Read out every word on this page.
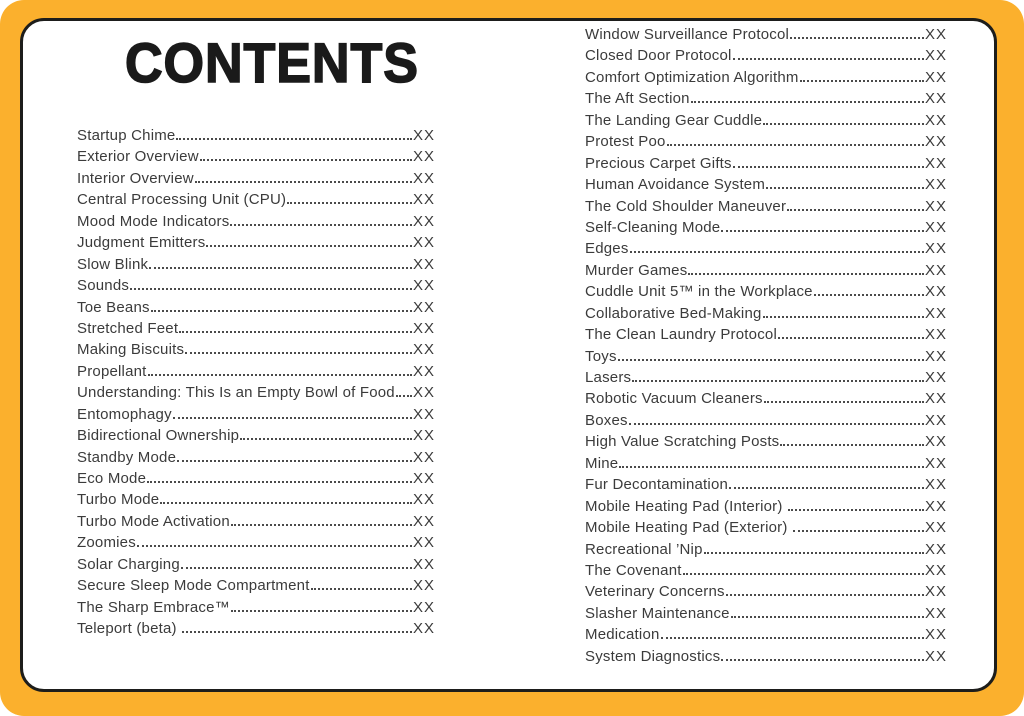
CONTENTS
Startup Chime	XX
Exterior Overview	XX
Interior Overview	XX
Central Processing Unit (CPU)	XX
Mood Mode Indicators	XX
Judgment Emitters	XX
Slow Blink	XX
Sounds	XX
Toe Beans	XX
Stretched Feet	XX
Making Biscuits	XX
Propellant	XX
Understanding: This Is an Empty Bowl of Food XX
Entomophagy	XX
Bidirectional Ownership	XX
Standby Mode	XX
Eco Mode	XX
Turbo Mode	XX
Turbo Mode Activation	XX
Zoomies	XX
Solar Charging	XX
Secure Sleep Mode Compartment	XX
The Sharp Embrace™	XX
Teleport (beta)	XX
Window Surveillance Protocol	XX
Closed Door Protocol	XX
Comfort Optimization Algorithm	XX
The Aft Section	XX
The Landing Gear Cuddle	XX
Protest Poo	XX
Precious Carpet Gifts	XX
Human Avoidance System	XX
The Cold Shoulder Maneuver	XX
Self-Cleaning Mode	XX
Edges	XX
Murder Games	XX
Cuddle Unit 5™ in the Workplace	XX
Collaborative Bed-Making	XX
The Clean Laundry Protocol	XX
Toys	XX
Lasers	XX
Robotic Vacuum Cleaners	XX
Boxes	XX
High Value Scratching Posts	XX
Mine	XX
Fur Decontamination	XX
Mobile Heating Pad (Interior)	XX
Mobile Heating Pad (Exterior)	XX
Recreational ’Nip	XX
The Covenant	XX
Veterinary Concerns	XX
Slasher Maintenance	XX
Medication	XX
System Diagnostics	XX
